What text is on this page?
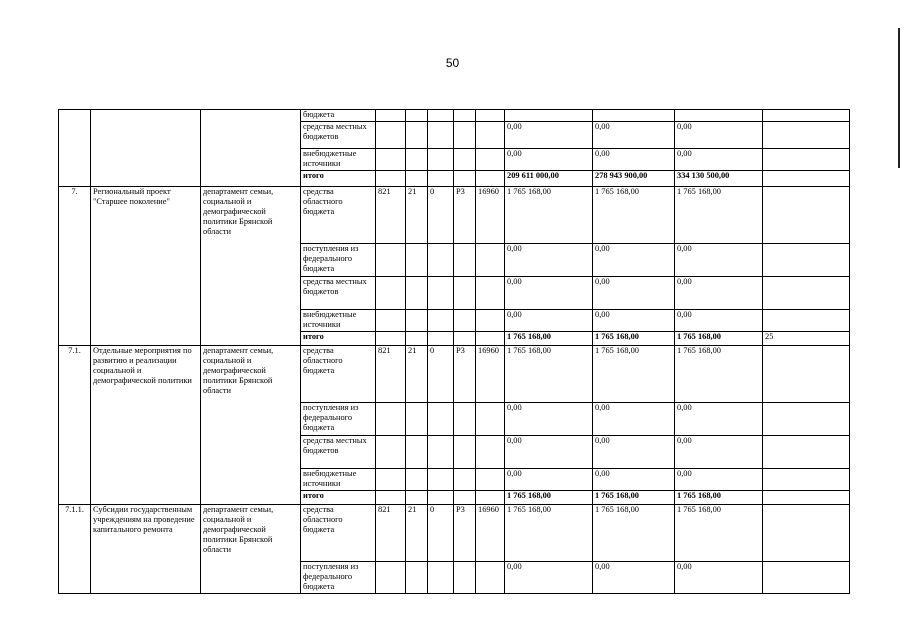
50
			бюджета									
			средства местных бюджетов						0,00	0,00	0,00	
			внебюджетные источники						0,00	0,00	0,00	
			итого						209 611 000,00	278 943 900,00	334 130 500,00	
7.	Региональный проект "Старшее поколение"	департамент семьи, социальной и демографической политики Брянской области	средства областного бюджета	821	21	0	P3	16960	1 765 168,00	1 765 168,00	1 765 168,00	
			поступления из федерального бюджета						0,00	0,00	0,00	
			средства местных бюджетов						0,00	0,00	0,00	
			внебюджетные источники						0,00	0,00	0,00	
			итого						1 765 168,00	1 765 168,00	1 765 168,00	25
7.1.	Отдельные мероприятия по развитию и реализации социальной и демографической политики	департамент семьи, социальной и демографической политики Брянской области	средства областного бюджета	821	21	0	P3	16960	1 765 168,00	1 765 168,00	1 765 168,00	
			поступления из федерального бюджета						0,00	0,00	0,00	
			средства местных бюджетов						0,00	0,00	0,00	
			внебюджетные источники						0,00	0,00	0,00	
			итого						1 765 168,00	1 765 168,00	1 765 168,00	
7.1.1.	Субсидии государственным учреждениям на проведение капитального ремонта	департамент семьи, социальной и демографической политики Брянской области	средства областного бюджета	821	21	0	P3	16960	1 765 168,00	1 765 168,00	1 765 168,00	
			поступления из федерального бюджета						0,00	0,00	0,00	
